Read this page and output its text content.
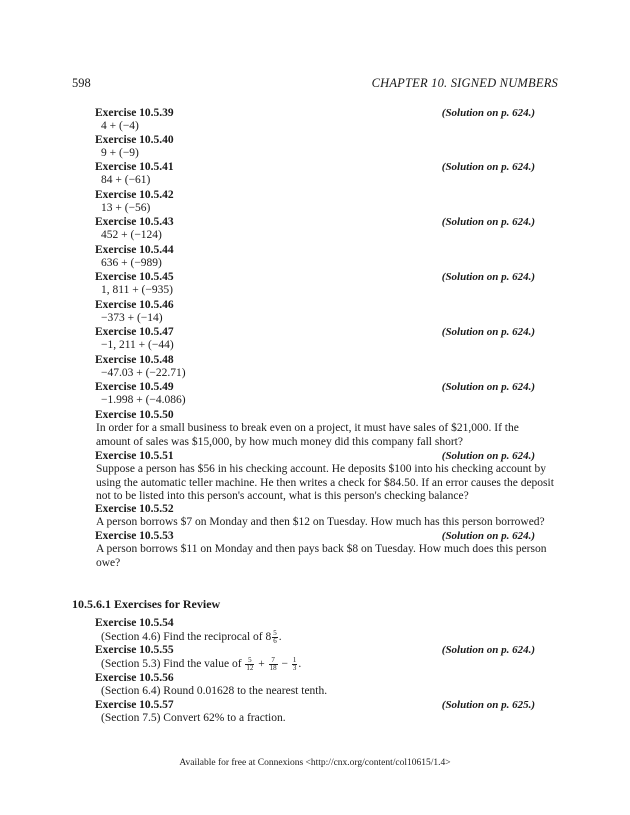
598	CHAPTER 10. SIGNED NUMBERS
Exercise 10.5.39	(Solution on p. 624.)
4 + (−4)
Exercise 10.5.40
9 + (−9)
Exercise 10.5.41	(Solution on p. 624.)
84 + (−61)
Exercise 10.5.42
13 + (−56)
Exercise 10.5.43	(Solution on p. 624.)
452 + (−124)
Exercise 10.5.44
636 + (−989)
Exercise 10.5.45	(Solution on p. 624.)
1, 811 + (−935)
Exercise 10.5.46
−373 + (−14)
Exercise 10.5.47	(Solution on p. 624.)
−1, 211 + (−44)
Exercise 10.5.48
−47.03 + (−22.71)
Exercise 10.5.49	(Solution on p. 624.)
−1.998 + (−4.086)
Exercise 10.5.50
In order for a small business to break even on a project, it must have sales of $21,000. If the amount of sales was $15,000, by how much money did this company fall short?
Exercise 10.5.51	(Solution on p. 624.)
Suppose a person has $56 in his checking account. He deposits $100 into his checking account by using the automatic teller machine. He then writes a check for $84.50. If an error causes the deposit not to be listed into this person's account, what is this person's checking balance?
Exercise 10.5.52
A person borrows $7 on Monday and then $12 on Tuesday. How much has this person borrowed?
Exercise 10.5.53	(Solution on p. 624.)
A person borrows $11 on Monday and then pays back $8 on Tuesday. How much does this person owe?
10.5.6.1 Exercises for Review
Exercise 10.5.54
(Section 4.6) Find the reciprocal of $8 \frac{5}{6}$ .
Exercise 10.5.55	(Solution on p. 624.)
(Section 5.3) Find the value of $\frac{5}{12} + \frac{7}{18} - \frac{1}{3}$ .
Exercise 10.5.56
(Section 6.4) Round 0.01628 to the nearest tenth.
Exercise 10.5.57	(Solution on p. 625.)
(Section 7.5) Convert 62% to a fraction.
Available for free at Connexions <http://cnx.org/content/col10615/1.4>
